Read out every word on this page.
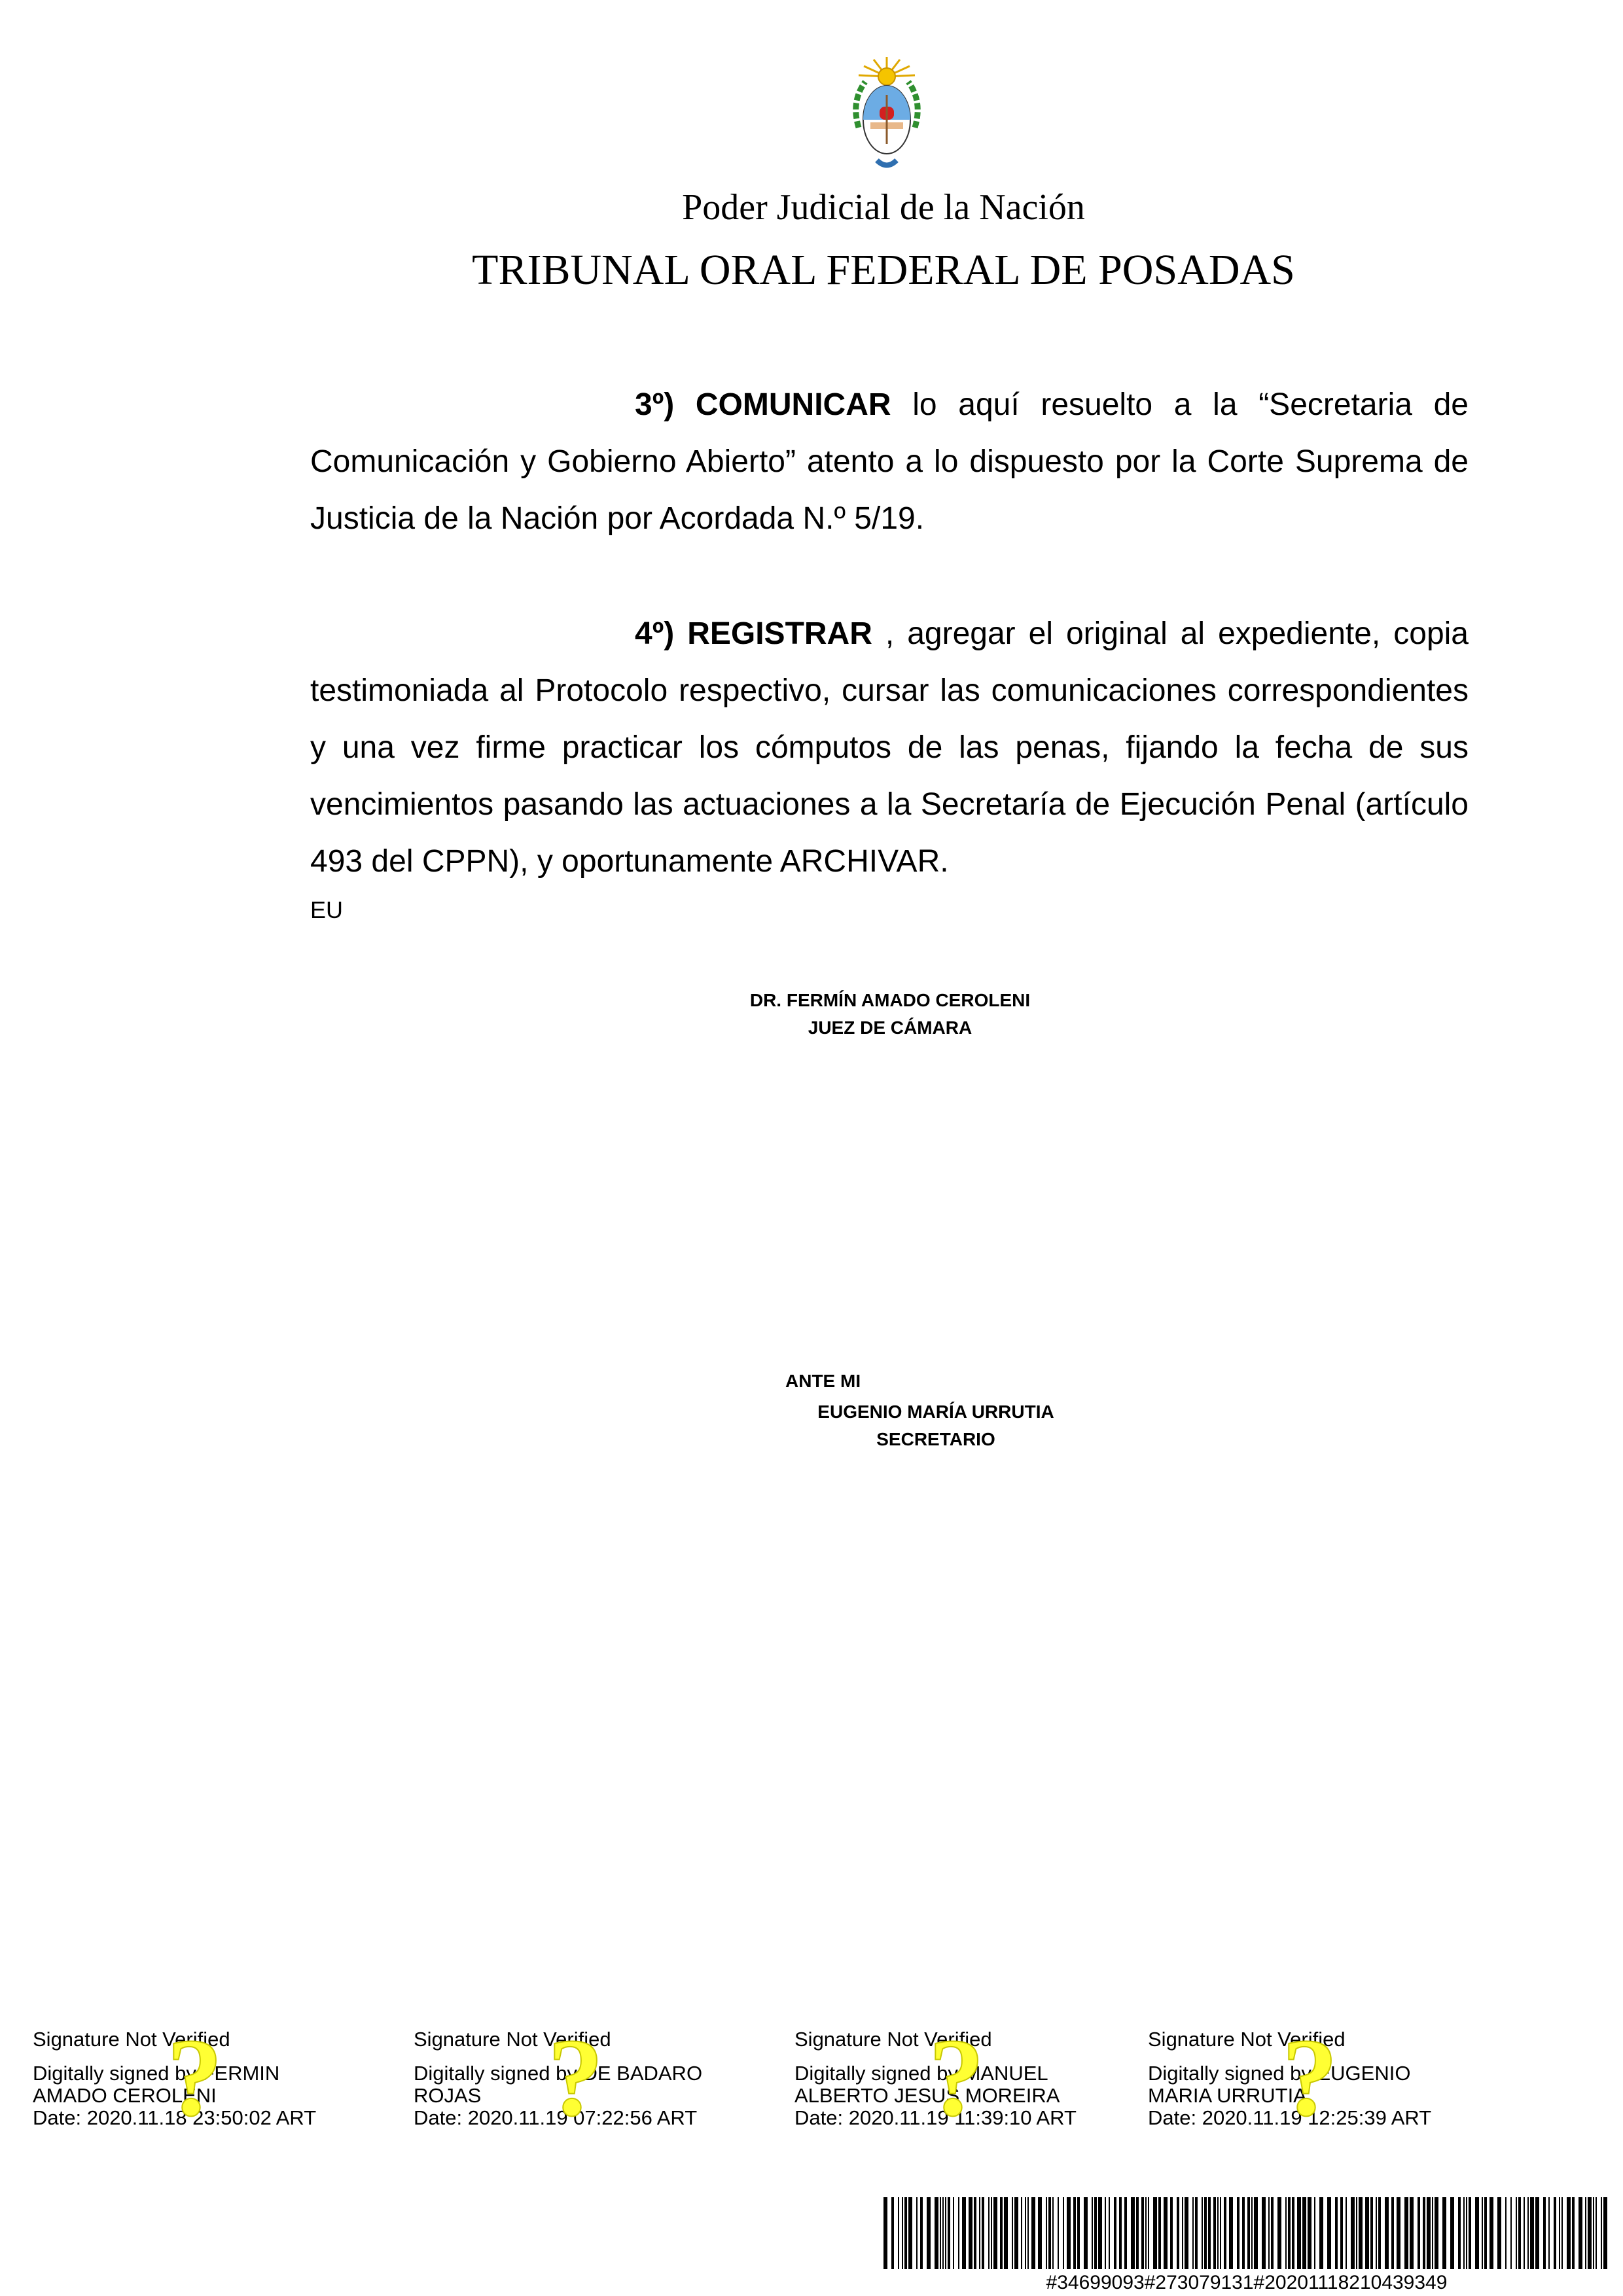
Poder Judicial de la Nación
TRIBUNAL ORAL FEDERAL DE POSADAS
3º) COMUNICAR lo aquí resuelto a la “Secretaria de Comunicación y Gobierno Abierto” atento a lo dispuesto por la Corte Suprema de Justicia de la Nación por Acordada N.º 5/19.
4º) REGISTRAR , agregar el original al expediente, copia testimoniada al Protocolo respectivo, cursar las comunicaciones correspondientes y una vez firme practicar los cómputos de las penas, fijando la fecha de sus vencimientos pasando las actuaciones a la Secretaría de Ejecución Penal (artículo 493 del CPPN), y oportunamente ARCHIVAR.
EU
DR. FERMÍN AMADO CEROLENI
JUEZ DE CÁMARA
ANTE MI
EUGENIO MARÍA URRUTIA
SECRETARIO
?
Signature Not Verified
Digitally signed by FERMIN
AMADO CEROLENI
Date: 2020.11.18 23:50:02 ART	?
Signature Not Verified
Digitally signed by DE BADARO
ROJAS
Date: 2020.11.19 07:22:56 ART	?
Signature Not Verified
Digitally signed by MANUEL
ALBERTO JESUS MOREIRA
Date: 2020.11.19 11:39:10 ART	?
Signature Not Verified
Digitally signed by EUGENIO
MARIA URRUTIA
Date: 2020.11.19 12:25:39 ART
#34699093#273079131#20201118210439349
